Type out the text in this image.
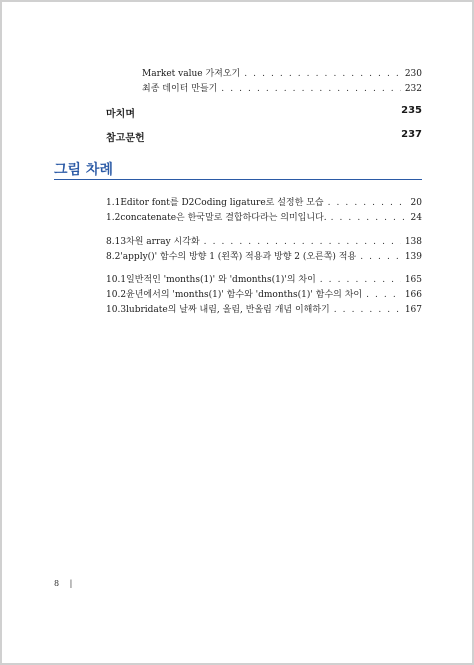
Market value 가져오기 . . .	230
최종 데이터 만들기 . . .	232
마치며	235
참고문헌	237
그림 차례
1.1 Editor font를 D2Coding ligature로 설정한 모습 . . .	20
1.2 concatenate은 한국말로 결합하다라는 의미입니다. . . .	24
8.1 3차원 array 시각화 . . .	138
8.2 'apply()' 함수의 방향 1 (왼쪽) 적용과 방향 2 (오른쪽) 적용 . . .	139
10.1 일반적인 'months(1)' 와 'dmonths(1)'의 차이 . . .	165
10.2 윤년에서의 'months(1)' 함수와 'dmonths(1)' 함수의 차이 . . .	166
10.3 lubridate의 날짜 내림, 올림, 반올림 개념 이해하기 . . .	167
8 |
